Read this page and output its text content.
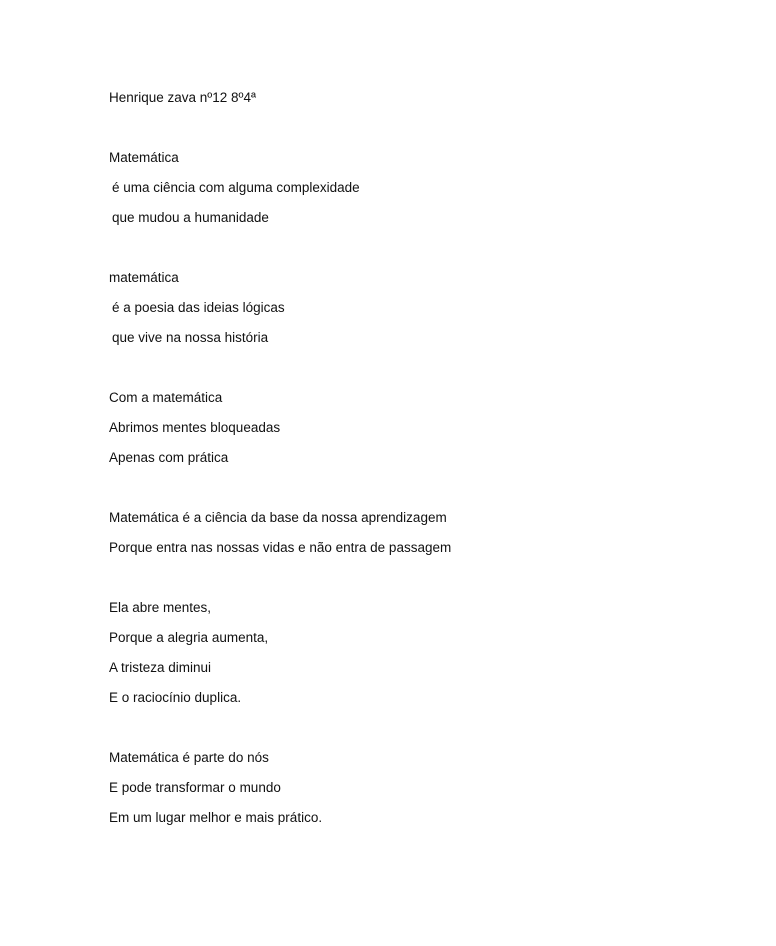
Henrique zava nº12 8º4ª
Matemática
é uma ciência com alguma complexidade
que mudou a humanidade
matemática
é a poesia das ideias lógicas
que vive na nossa história
Com a matemática
Abrimos mentes bloqueadas
Apenas com prática
Matemática é a ciência da base da nossa aprendizagem
Porque entra nas nossas vidas e não entra de passagem
Ela abre mentes,
Porque a alegria aumenta,
A tristeza diminui
E o raciocínio duplica.
Matemática é parte do nós
E pode transformar o mundo
Em um lugar melhor e mais prático.
